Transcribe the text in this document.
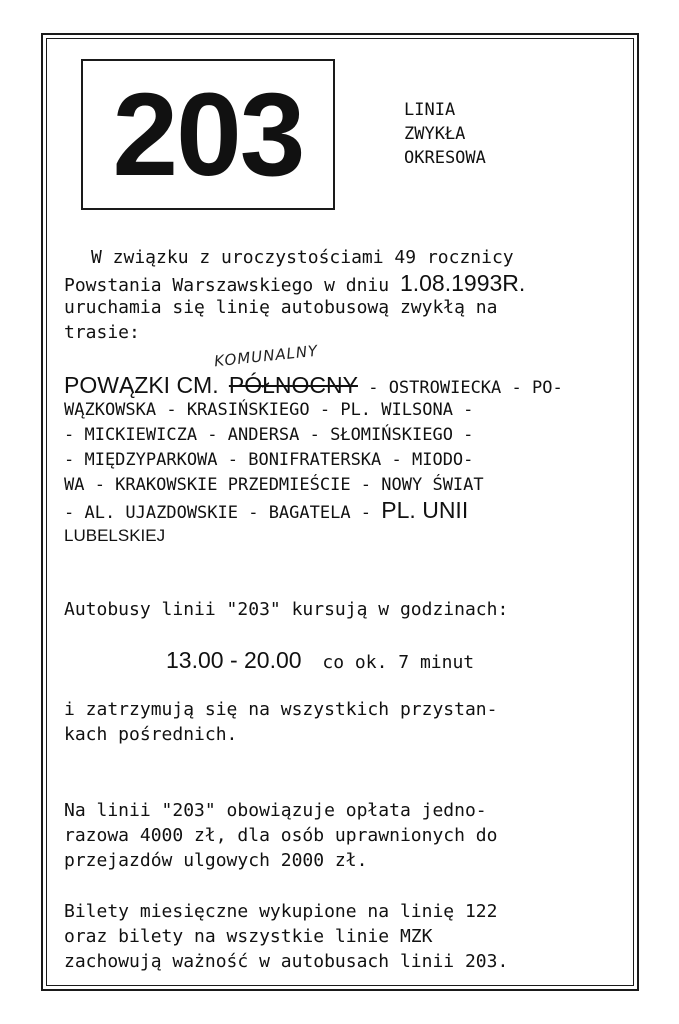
203	LINIA
ZWYKŁA
OKRESOWA
W związku z uroczystościami 49 rocznicy
Powstania Warszawskiego w dniu 1.08.1993R.
uruchamia się linię autobusową zwykłą na
trasie:
KOMUNALNY
POWĄZKI CM. PÓŁNOCNY - OSTROWIECKA - PO-
WĄZKOWSKA - KRASIŃSKIEGO - PL. WILSONA -
- MICKIEWICZA - ANDERSA - SŁOMIŃSKIEGO -
- MIĘDZYPARKOWA - BONIFRATERSKA - MIODO-
WA - KRAKOWSKIE PRZEDMIEŚCIE - NOWY ŚWIAT
- AL. UJAZDOWSKIE - BAGATELA - PL. UNII
LUBELSKIEJ
Autobusy linii "203" kursują w godzinach:
13.00 - 20.00 co ok. 7 minut
i zatrzymują się na wszystkich przystan-
kach pośrednich.
Na linii "203" obowiązuje opłata jedno-
razowa 4000 zł, dla osób uprawnionych do
przejazdów ulgowych 2000 zł.
Bilety miesięczne wykupione na linię 122
oraz bilety na wszystkie linie MZK
zachowują ważność w autobusach linii 203.
